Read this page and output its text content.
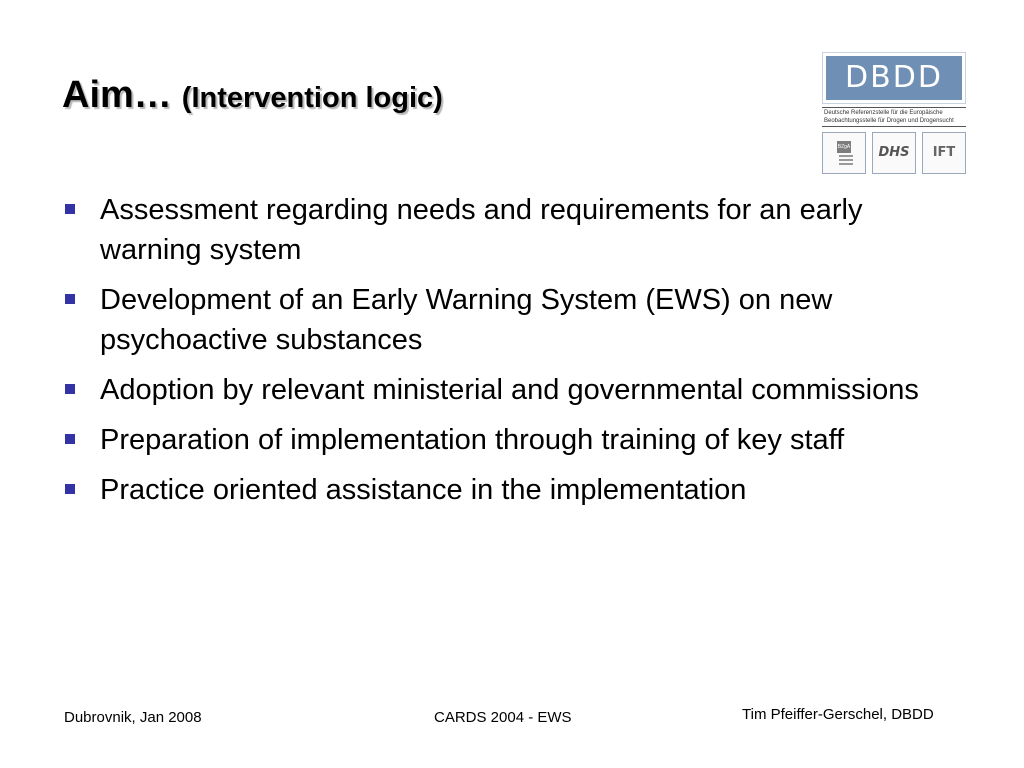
Aim… (Intervention logic)
DBDD
Deutsche Referenzstelle für die Europäische
Beobachtungsstelle für Drogen und Drogensucht
BZgA	DHS	IFT
Assessment regarding needs and requirements for an early warning system
Development of an Early Warning System (EWS) on new psychoactive substances
Adoption by relevant ministerial and governmental commissions
Preparation of implementation through training of key staff
Practice oriented assistance in the implementation
Dubrovnik, Jan 2008	CARDS 2004 - EWS	Tim Pfeiffer-Gerschel, DBDD
